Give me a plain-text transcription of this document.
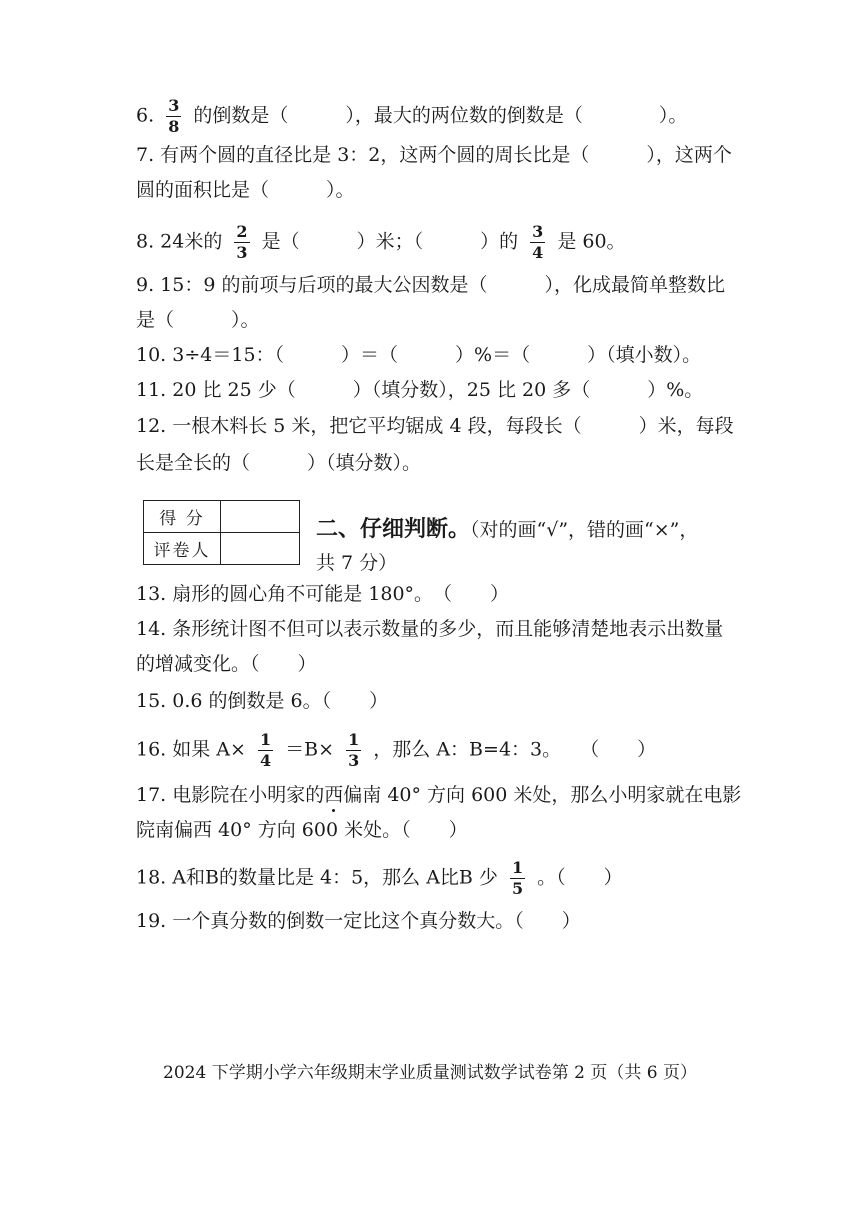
6. $\frac{3}{8}$ 的倒数是（　　　），最大的两位数的倒数是（　　　　）。
7. 有两个圆的直径比是 3：2，这两个圆的周长比是（　　　），这两个
圆的面积比是（　　　）。
8. 24米的 $\frac{2}{3}$ 是（　　　）米；（　　　）的 $\frac{3}{4}$ 是 60。
9. 15：9 的前项与后项的最大公因数是（　　　），化成最简单整数比
是（　　　）。
10. 3÷4＝15：（　　　）＝（　　　）%＝（　　　）（填小数）。
11. 20 比 25 少（　　　）（填分数），25 比 20 多（　　　）%。
12. 一根木料长 5 米，把它平均锯成 4 段，每段长（　　　）米，每段
长是全长的（　　　）（填分数）。
得 分	
评卷人	
二、仔细判断。（对的画“√”，错的画“×”，
共 7 分）
13. 扇形的圆心角不可能是 180°。　（　　）
14. 条形统计图不但可以表示数量的多少，而且能够清楚地表示出数量
的增减变化。（　　）
15. 0.6 的倒数是 6。（　　）
16. 如果 $A\times \frac{1}{4} =B\times \frac{1}{3}$ ，那么 A：B=4：3。　　（　　）
17. 电影院在小明家的西偏南 40° 方向 600 米处，那么小明家就在电影
院南偏西 40° 方向 600 米处。（　　）
18. A和B的数量比是 4：5，那么 A比B 少 $\frac{1}{5}$ 。（　　）
19. 一个真分数的倒数一定比这个真分数大。（　　）
2024 下学期小学六年级期末学业质量测试数学试卷第 2 页（共 6 页）
